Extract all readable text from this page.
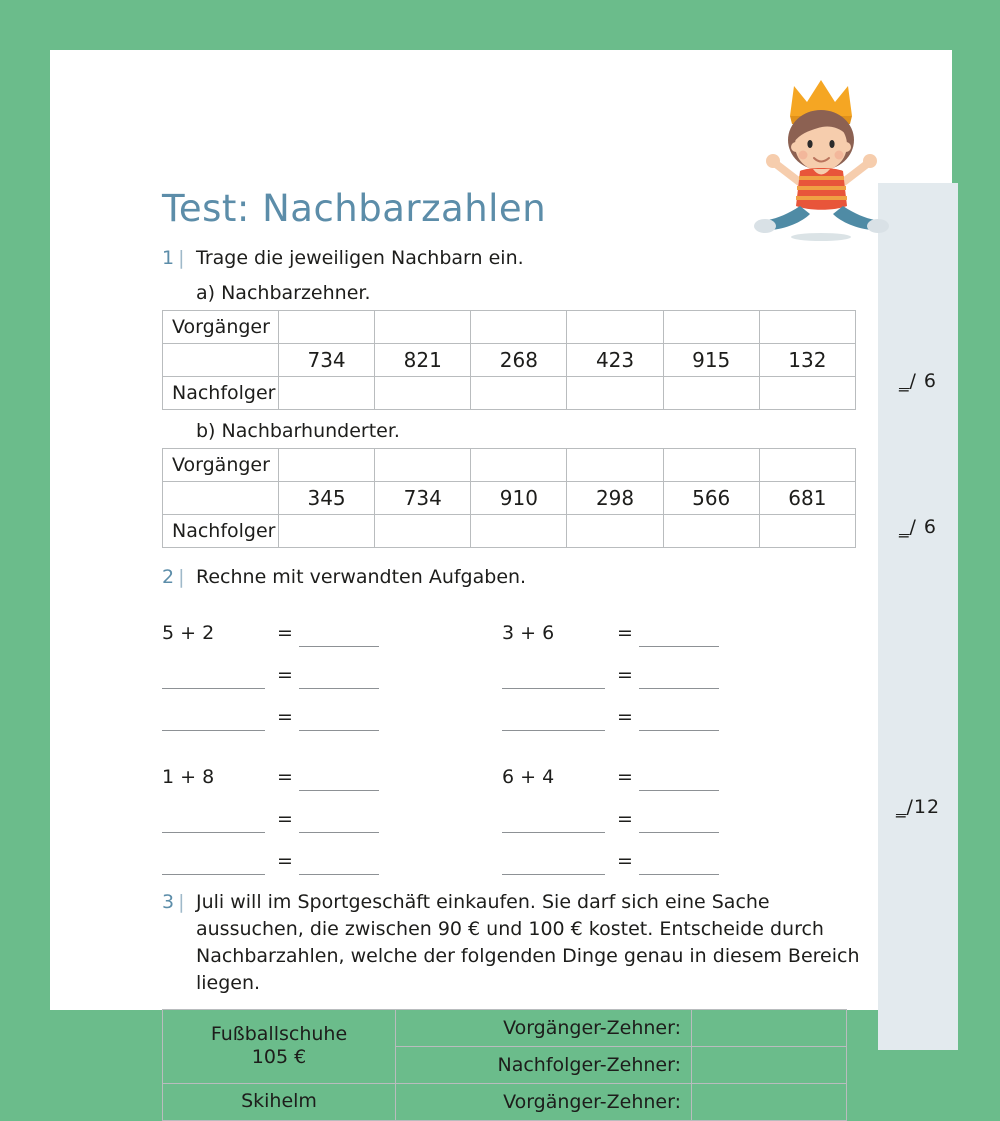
_/ 6
_/ 6
_/12
Test: Nachbarzahlen
1 | Trage die jeweiligen Nachbarn ein.
a) Nachbarzehner.
Vorgänger						
	734	821	268	423	915	132
Nachfolger						
b) Nachbarhunderter.
Vorgänger						
	345	734	910	298	566	681
Nachfolger						
2 | Rechne mit verwandten Aufgaben.
5 + 2	=
=
=
3 + 6	=
=
=
1 + 8	=
=
=
6 + 4	=
=
=
3 | Juli will im Sportgeschäft einkaufen. Sie darf sich eine Sache aussuchen, die zwischen 90 € und 100 € kostet. Entscheide durch Nachbarzahlen, welche der folgenden Dinge genau in diesem Bereich liegen.
Fußballschuhe
105 €	Vorgänger-Zehner:	
	Nachfolger-Zehner:	

Skihelm	Vorgänger-Zehner:	
